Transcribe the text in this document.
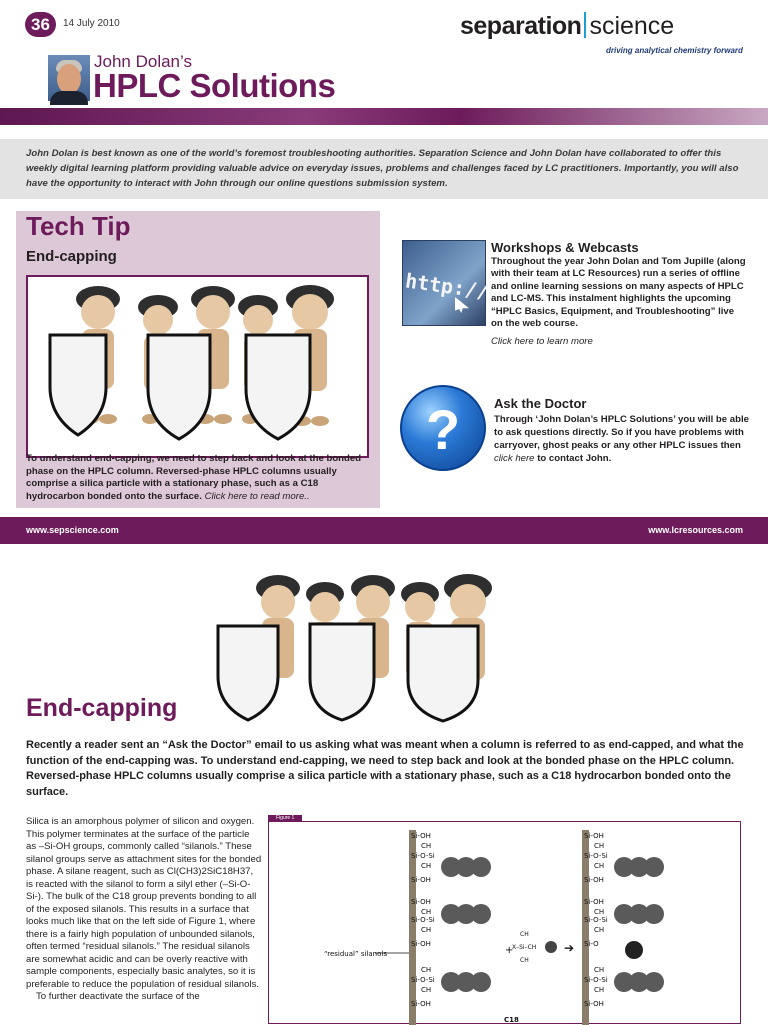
36	14 July 2010	separation science
driving analytical chemistry forward
John Dolan’s
HPLC Solutions

John Dolan is best known as one of the world’s foremost troubleshooting authorities. Separation Science and John Dolan have collaborated to offer this weekly digital learning platform providing valuable advice on everyday issues, problems and challenges faced by LC practitioners. Importantly, you will also have the opportunity to interact with John through our online questions submission system.

Tech Tip
End-capping
To understand end-capping, we need to step back and look at the bonded phase on the HPLC column. Reversed-phase HPLC columns usually comprise a silica particle with a stationary phase, such as a C18 hydrocarbon bonded onto the surface. Click here to read more..
http://w
Workshops & Webcasts
Throughout the year John Dolan and Tom Jupille (along with their team at LC Resources) run a series of offline and online learning sessions on many aspects of HPLC and LC-MS. This instalment highlights the upcoming “HPLC Basics, Equipment, and Troubleshooting” live on the web course.
Click here to learn more
?	Ask the Doctor
Through ‘John Dolan’s HPLC Solutions’ you will be able to ask questions directly. So if you have problems with carryover, ghost peaks or any other HPLC issues then click here to contact John.
www.sepscience.com	www.lcresources.com
End-capping
Recently a reader sent an “Ask the Doctor” email to us asking what was meant when a column is referred to as end-capped, and what the function of the end-capping was. To understand end-capping, we need to step back and look at the bonded phase on the HPLC column. Reversed-phase HPLC columns usually comprise a silica particle with a stationary phase, such as a C18 hydrocarbon bonded onto the surface.

Silica is an amorphous polymer of silicon and oxygen. This polymer terminates at the surface of the particle as –Si-OH groups, commonly called “silanols.” These silanol groups serve as attachment sites for the bonded phase. A silane reagent, such as Cl(CH3)2SiC18H37, is reacted with the silanol to form a silyl ether (–Si-O-Si-). The bulk of the C18 group prevents bonding to all of the exposed silanols. This results in a surface that looks much like that on the left side of Figure 1, where there is a fairly high population of unbounded silanols, often termed “residual silanols.” The residual silanols are somewhat acidic and can be overly reactive with sample components, especially basic analytes, so it is preferable to reduce the population of residual silanols.

To further deactivate the surface of the

Si-OH
CH
Si-O-Si
CH
Si-OH
Si-OH
CH
Si-O-Si
CH
Si-OH
CH
Si-O-Si
CH
Si-OH
Si-OH
CH
Si-O-Si
CH
Si-OH
Si-OH
CH
Si-O-Si
CH
Si-O
CH
Si-O-Si
CH
Si-OH
“residual” silanols	+
CH
X–Si–CH
CH
➔
C18
Figure 1
